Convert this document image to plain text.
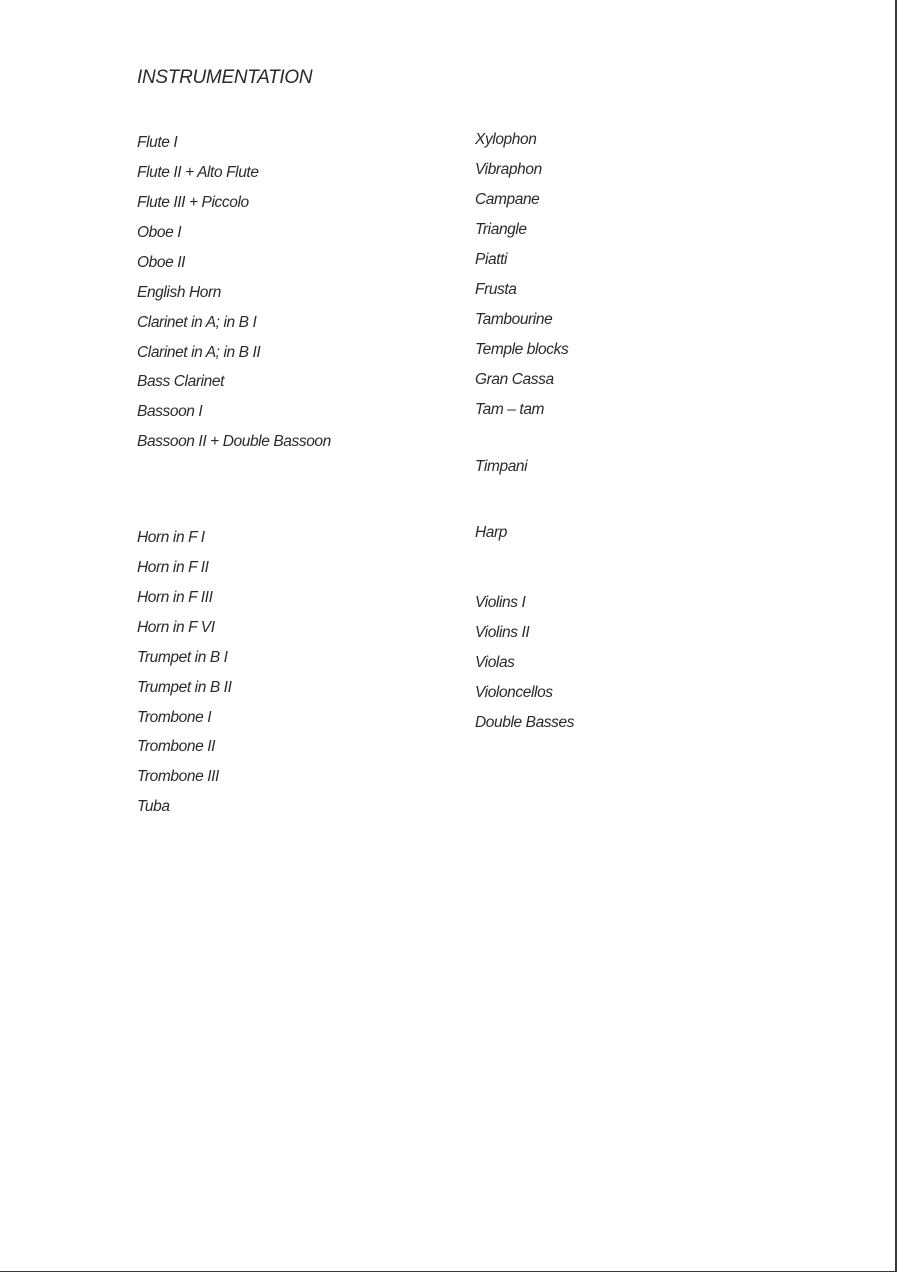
INSTRUMENTATION
Flute I
Flute II + Alto Flute
Flute III + Piccolo
Oboe I
Oboe II
English Horn
Clarinet in A; in B I
Clarinet in A; in B II
Bass Clarinet
Bassoon I
Bassoon II + Double Bassoon
Horn in F I
Horn in F II
Horn in F III
Horn in F VI
Trumpet in B I
Trumpet in B II
Trombone I
Trombone II
Trombone III
Tuba
Xylophon
Vibraphon
Campane
Triangle
Piatti
Frusta
Tambourine
Temple blocks
Gran Cassa
Tam – tam
Timpani
Harp
Violins I
Violins II
Violas
Violoncellos
Double Basses
